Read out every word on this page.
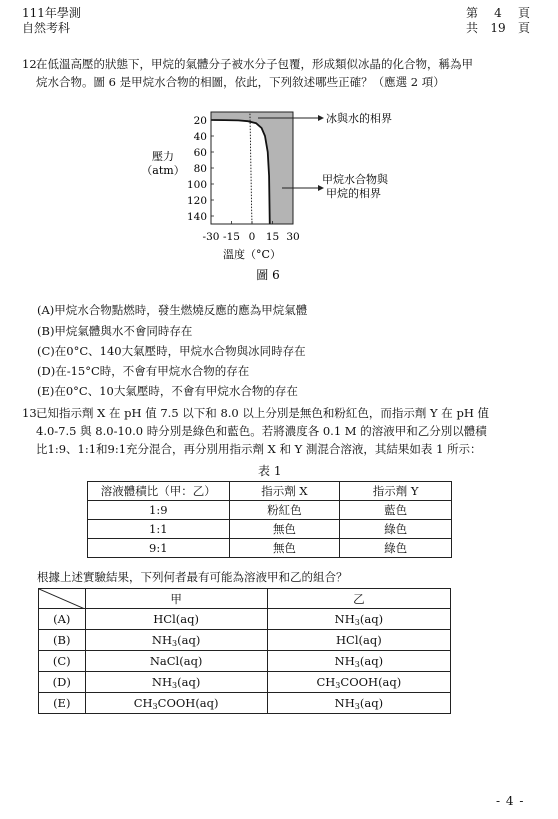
111年學測
自然考科
第 4 頁
共 19 頁
12.
在低溫高壓的狀態下，甲烷的氣體分子被水分子包覆，形成類似冰晶的化合物，稱為甲
烷水合物。圖 6 是甲烷水合物的相圖，依此，下列敘述哪些正確？（應選 2 項）
20
40
60
80
100
120
140
-30 -15 0 15 30
冰與水的相界
甲烷水合物與
甲烷的相界
壓力
（atm）
溫度（°C）
圖 6
(A)甲烷水合物點燃時，發生燃燒反應的應為甲烷氣體
(B)甲烷氣體與水不會同時存在
(C)在0°C、140大氣壓時，甲烷水合物與冰同時存在
(D)在-15°C時，不會有甲烷水合物的存在
(E)在0°C、10大氣壓時，不會有甲烷水合物的存在
13.
已知指示劑 X 在 pH 值 7.5 以下和 8.0 以上分別是無色和粉紅色，而指示劑 Y 在 pH 值
4.0-7.5 與 8.0-10.0 時分別是綠色和藍色。若將濃度各 0.1 M 的溶液甲和乙分別以體積
比1:9、1:1和9:1充分混合，再分別用指示劑 X 和 Y 測混合溶液，其結果如表 1 所示：
表 1
溶液體積比（甲：乙）	指示劑 X	指示劑 Y
1:9	粉紅色	藍色
1:1	無色	綠色
9:1	無色	綠色
根據上述實驗結果，下列何者最有可能為溶液甲和乙的組合？
	甲	乙
(A)	HCl(aq)	$NH_3(aq)$
(B)	$NH_3(aq)$	HCl(aq)
(C)	NaCl(aq)	$NH_3(aq)$
(D)	$NH_3(aq)$	$CH_3COOH(aq)$
(E)	$CH_3COOH(aq)$	$NH_3(aq)$
- 4 -
